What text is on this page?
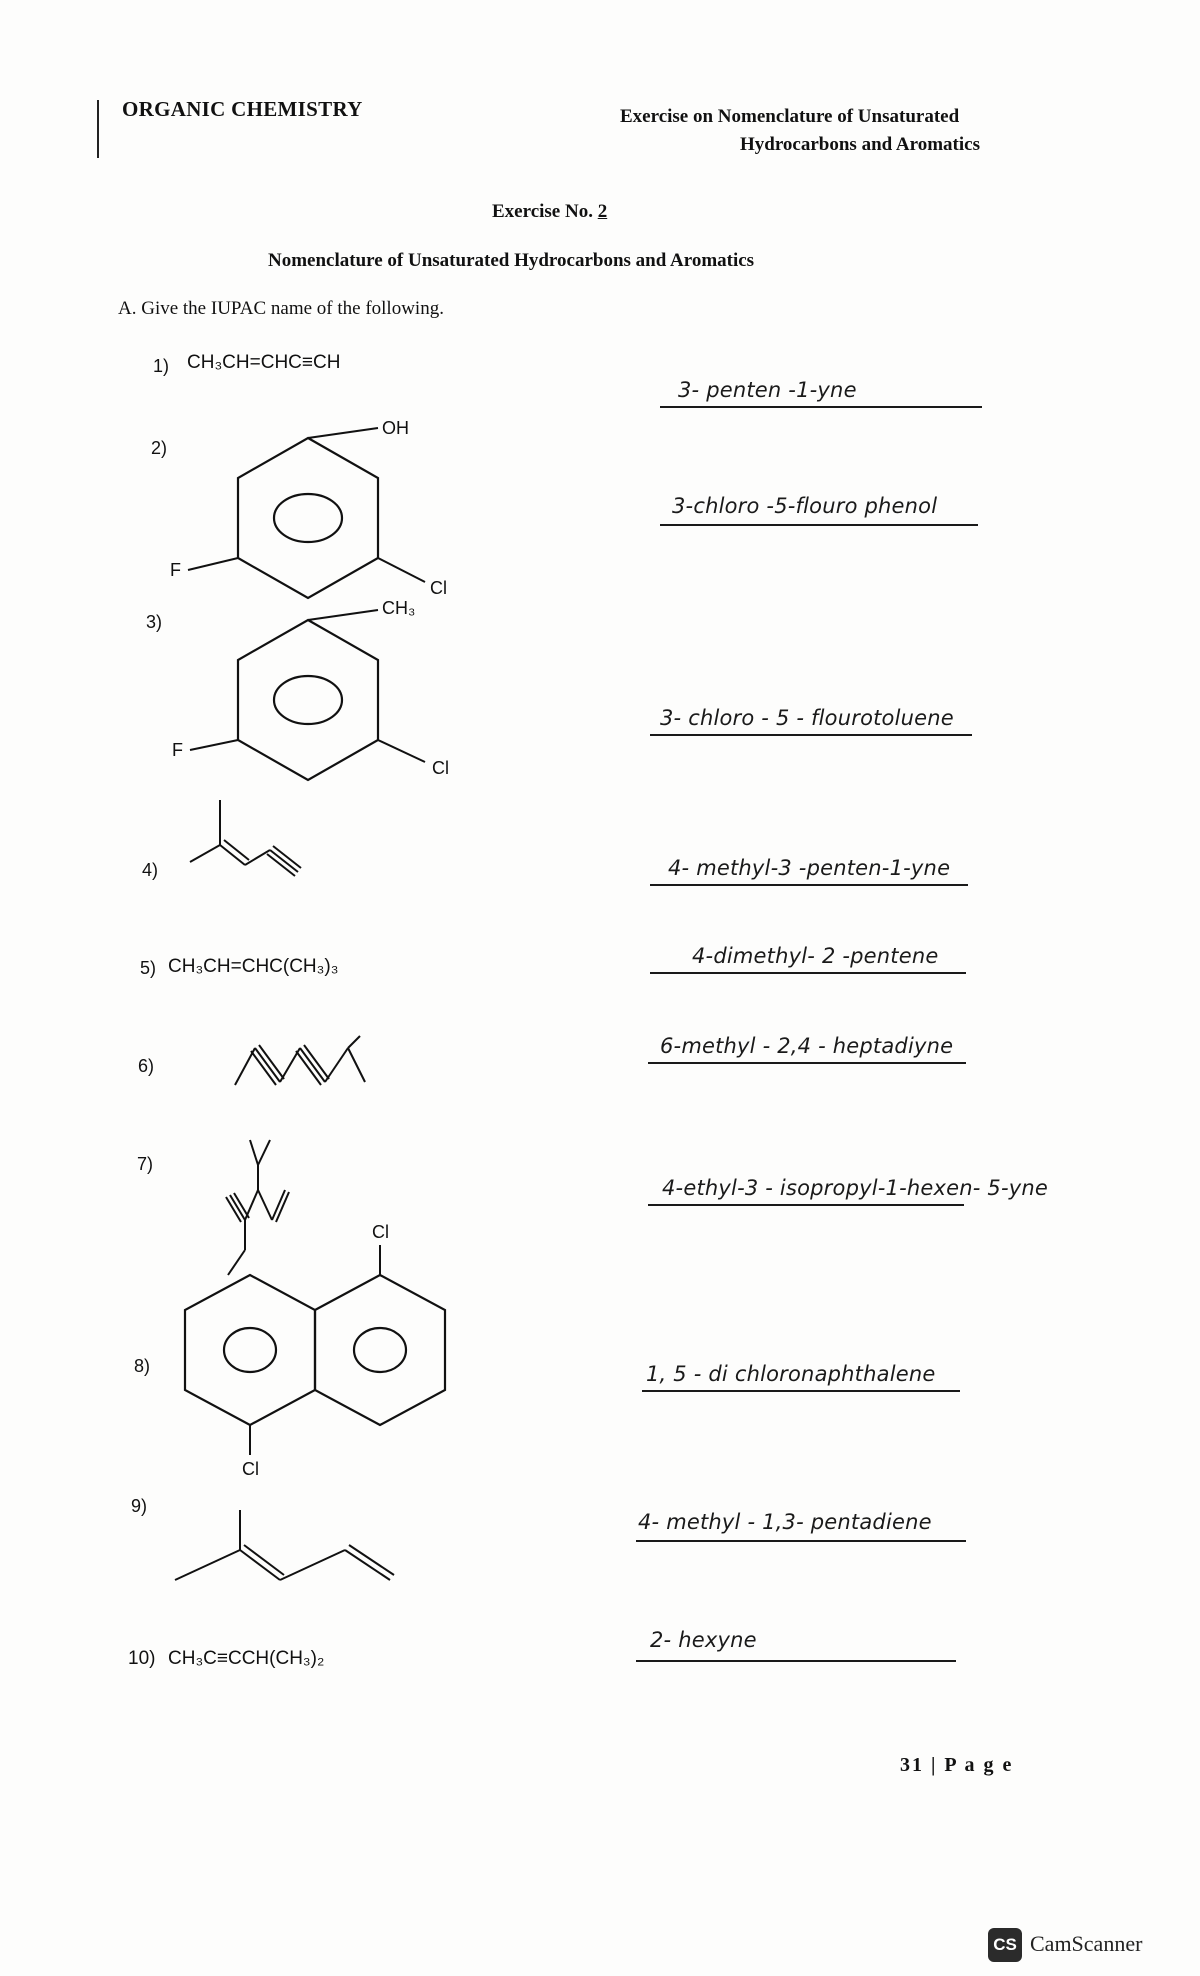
ORGANIC CHEMISTRY	Exercise on Nomenclature of Unsaturated
Hydrocarbons and Aromatics
Exercise No. 2
Nomenclature of Unsaturated Hydrocarbons and Aromatics
A. Give the IUPAC name of the following.
1) CH₃CH=CHC≡CH
3- penten -1-yne
2)
OH
Cl
F
3-chloro -5-flouro phenol
3)
CH₃
Cl
F
3- chloro - 5 - flourotoluene
4)	4- methyl-3 -penten-1-yne
5) CH₃CH=CHC(CH₃)₃	4-dimethyl- 2 -pentene
6)
6-methyl - 2,4 - heptadiyne
7)
4-ethyl-3 - isopropyl-1-hexen- 5-yne
8)
Cl
Cl
1, 5 - di chloronaphthalene
9)
4- methyl - 1,3- pentadiene
10) CH₃C≡CCH(CH₃)₂
2- hexyne
31 | P a g e
CS CamScanner
